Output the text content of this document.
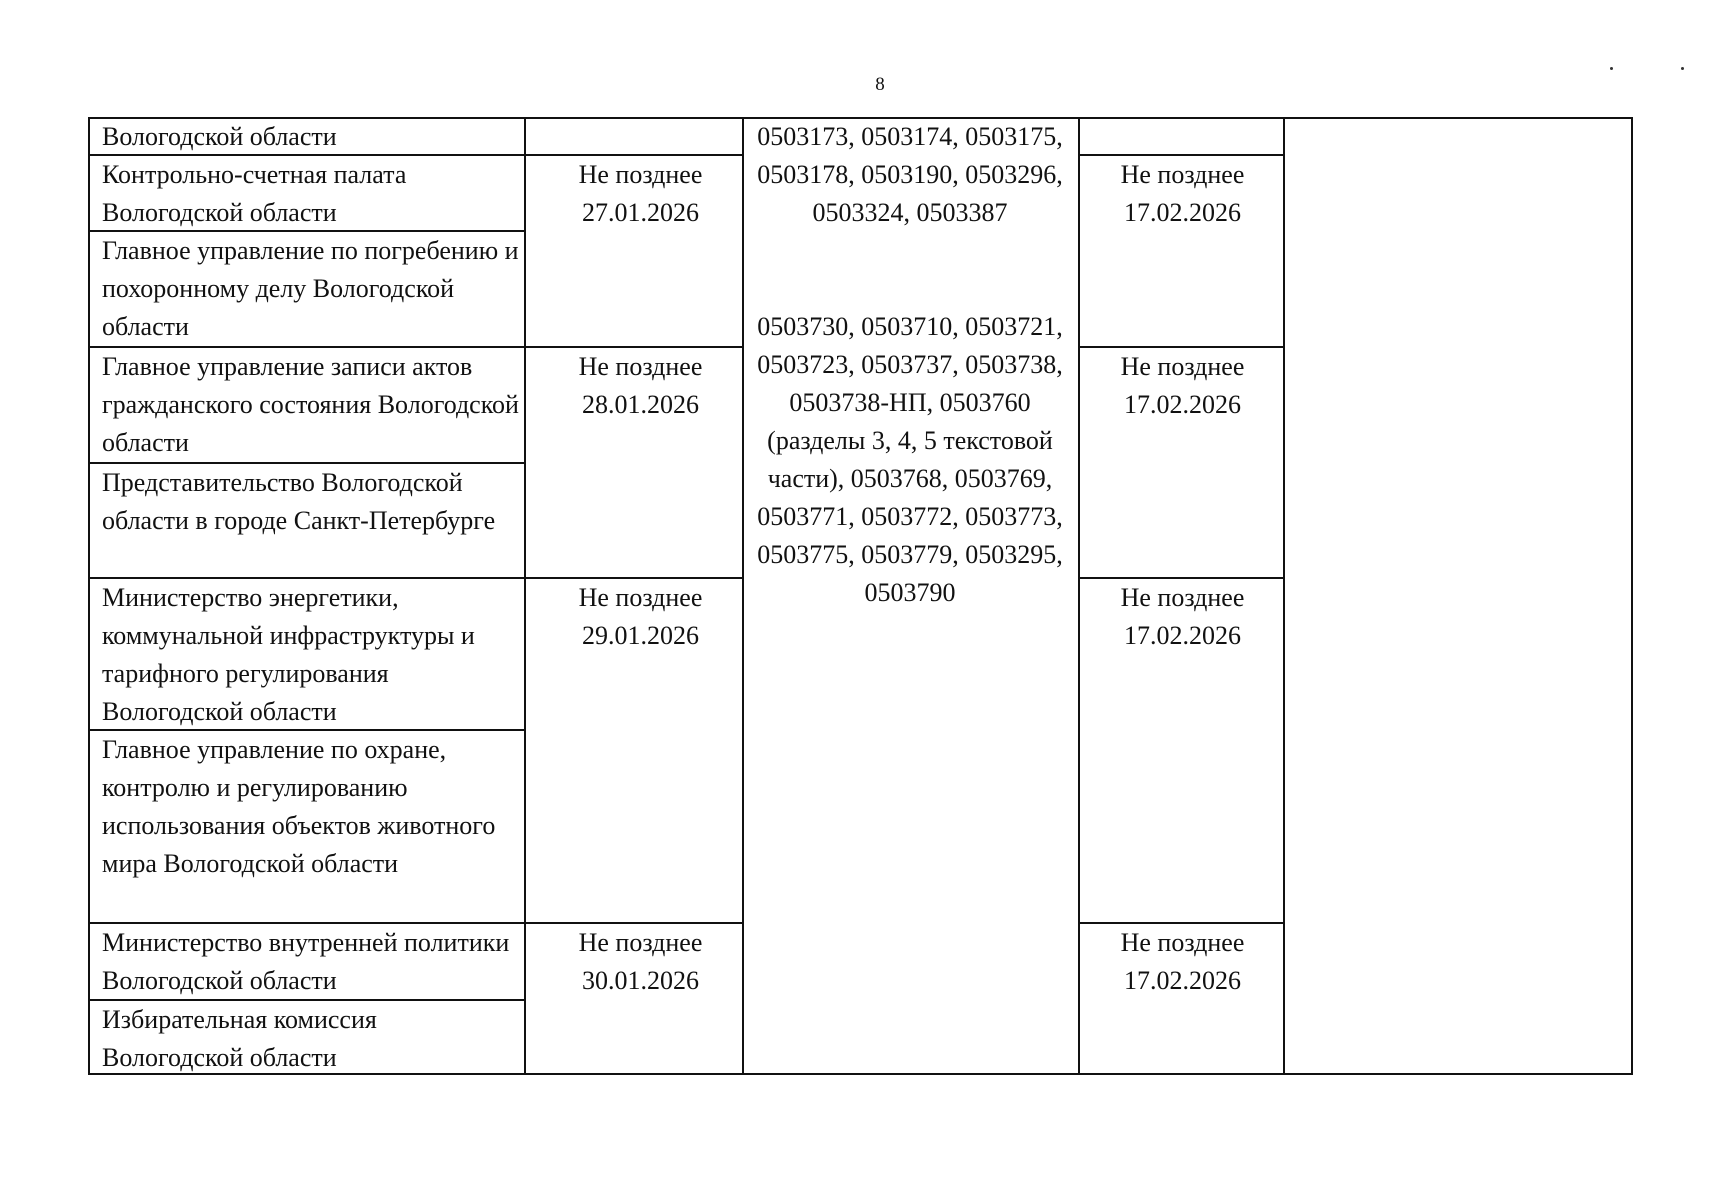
8
Вологодской области
Контрольно-счетная палата Вологодской области
Главное управление по погребению и похоронному делу Вологодской области
Главное управление записи актов гражданского состояния Вологодской области
Представительство Вологодской области в городе Санкт-Петербурге
Министерство энергетики, коммунальной инфраструктуры и тарифного регулирования Вологодской области
Главное управление по охране, контролю и регулированию использования объектов животного мира Вологодской области
Министерство внутренней политики Вологодской области
Избирательная комиссия Вологодской области
Не позднее 27.01.2026
Не позднее 28.01.2026
Не позднее 29.01.2026
Не позднее 30.01.2026
0503173, 0503174, 0503175, 0503178, 0503190, 0503296, 0503324, 0503387
0503730, 0503710, 0503721, 0503723, 0503737, 0503738, 0503738-НП, 0503760 (разделы 3, 4, 5 текстовой части), 0503768, 0503769, 0503771, 0503772, 0503773, 0503775, 0503779, 0503295, 0503790
Не позднее 17.02.2026
Не позднее 17.02.2026
Не позднее 17.02.2026
Не позднее 17.02.2026
